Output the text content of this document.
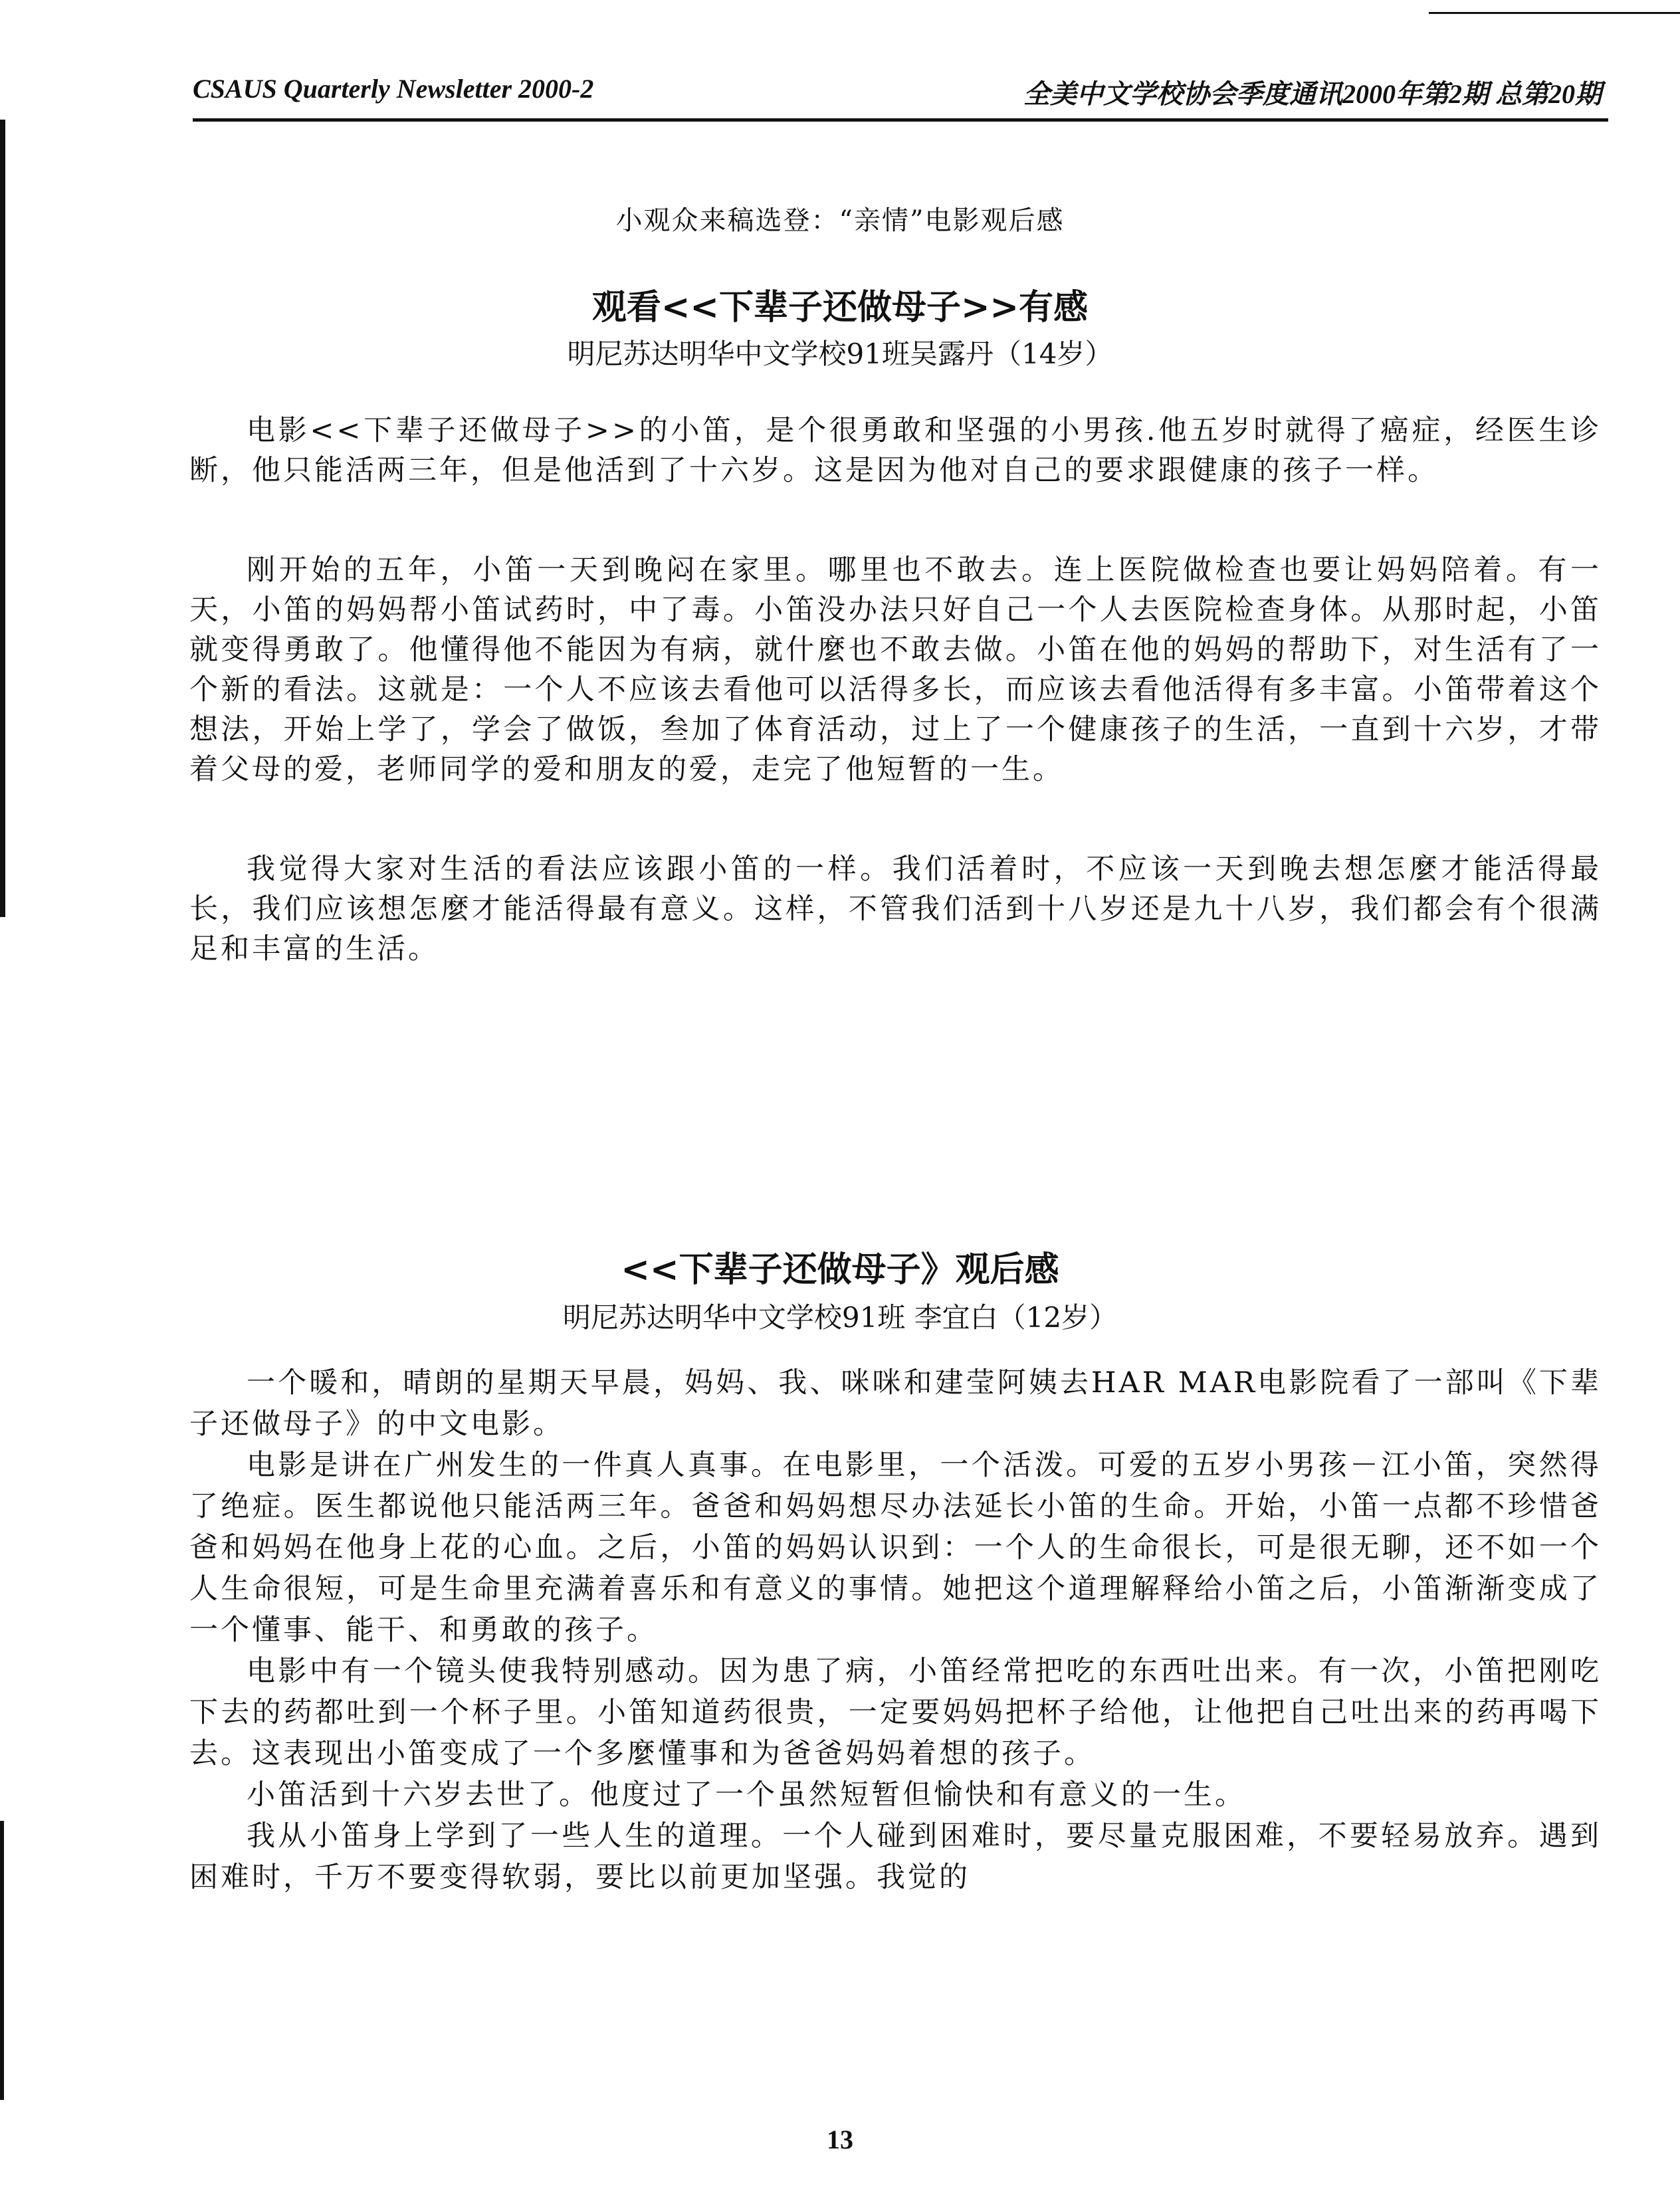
CSAUS Quarterly Newsletter 2000-2	全美中文学校协会季度通讯2000年第2期 总第20期
小观众来稿选登：“亲情”电影观后感
观看<<下辈子还做母子>>有感
明尼苏达明华中文学校91班吴露丹（14岁）

电影<<下辈子还做母子>>的小笛，是个很勇敢和坚强的小男孩.他五岁时就得了癌症，经医生诊断，他只能活两三年，但是他活到了十六岁。这是因为他对自己的要求跟健康的孩子一样。

刚开始的五年，小笛一天到晚闷在家里。哪里也不敢去。连上医院做检查也要让妈妈陪着。有一天，小笛的妈妈帮小笛试药时，中了毒。小笛没办法只好自己一个人去医院检查身体。从那时起，小笛就变得勇敢了。他懂得他不能因为有病，就什麼也不敢去做。小笛在他的妈妈的帮助下，对生活有了一个新的看法。这就是：一个人不应该去看他可以活得多长，而应该去看他活得有多丰富。小笛带着这个想法，开始上学了，学会了做饭，叁加了体育活动，过上了一个健康孩子的生活，一直到十六岁，才带着父母的爱，老师同学的爱和朋友的爱，走完了他短暂的一生。

我觉得大家对生活的看法应该跟小笛的一样。我们活着时，不应该一天到晚去想怎麼才能活得最长，我们应该想怎麼才能活得最有意义。这样，不管我们活到十八岁还是九十八岁，我们都会有个很满足和丰富的生活。

<<下辈子还做母子》观后感
明尼苏达明华中文学校91班 李宜白（12岁）

一个暖和，晴朗的星期天早晨，妈妈、我、咪咪和建莹阿姨去HAR MAR电影院看了一部叫《下辈子还做母子》的中文电影。

电影是讲在广州发生的一件真人真事。在电影里，一个活泼。可爱的五岁小男孩－江小笛，突然得了绝症。医生都说他只能活两三年。爸爸和妈妈想尽办法延长小笛的生命。开始，小笛一点都不珍惜爸爸和妈妈在他身上花的心血。之后，小笛的妈妈认识到：一个人的生命很长，可是很无聊，还不如一个人生命很短，可是生命里充满着喜乐和有意义的事情。她把这个道理解释给小笛之后，小笛渐渐变成了一个懂事、能干、和勇敢的孩子。

电影中有一个镜头使我特别感动。因为患了病，小笛经常把吃的东西吐出来。有一次，小笛把刚吃下去的药都吐到一个杯子里。小笛知道药很贵，一定要妈妈把杯子给他，让他把自己吐出来的药再喝下去。这表现出小笛变成了一个多麼懂事和为爸爸妈妈着想的孩子。

小笛活到十六岁去世了。他度过了一个虽然短暂但愉快和有意义的一生。

我从小笛身上学到了一些人生的道理。一个人碰到困难时，要尽量克服困难，不要轻易放弃。遇到困难时，千万不要变得软弱，要比以前更加坚强。我觉的

13
